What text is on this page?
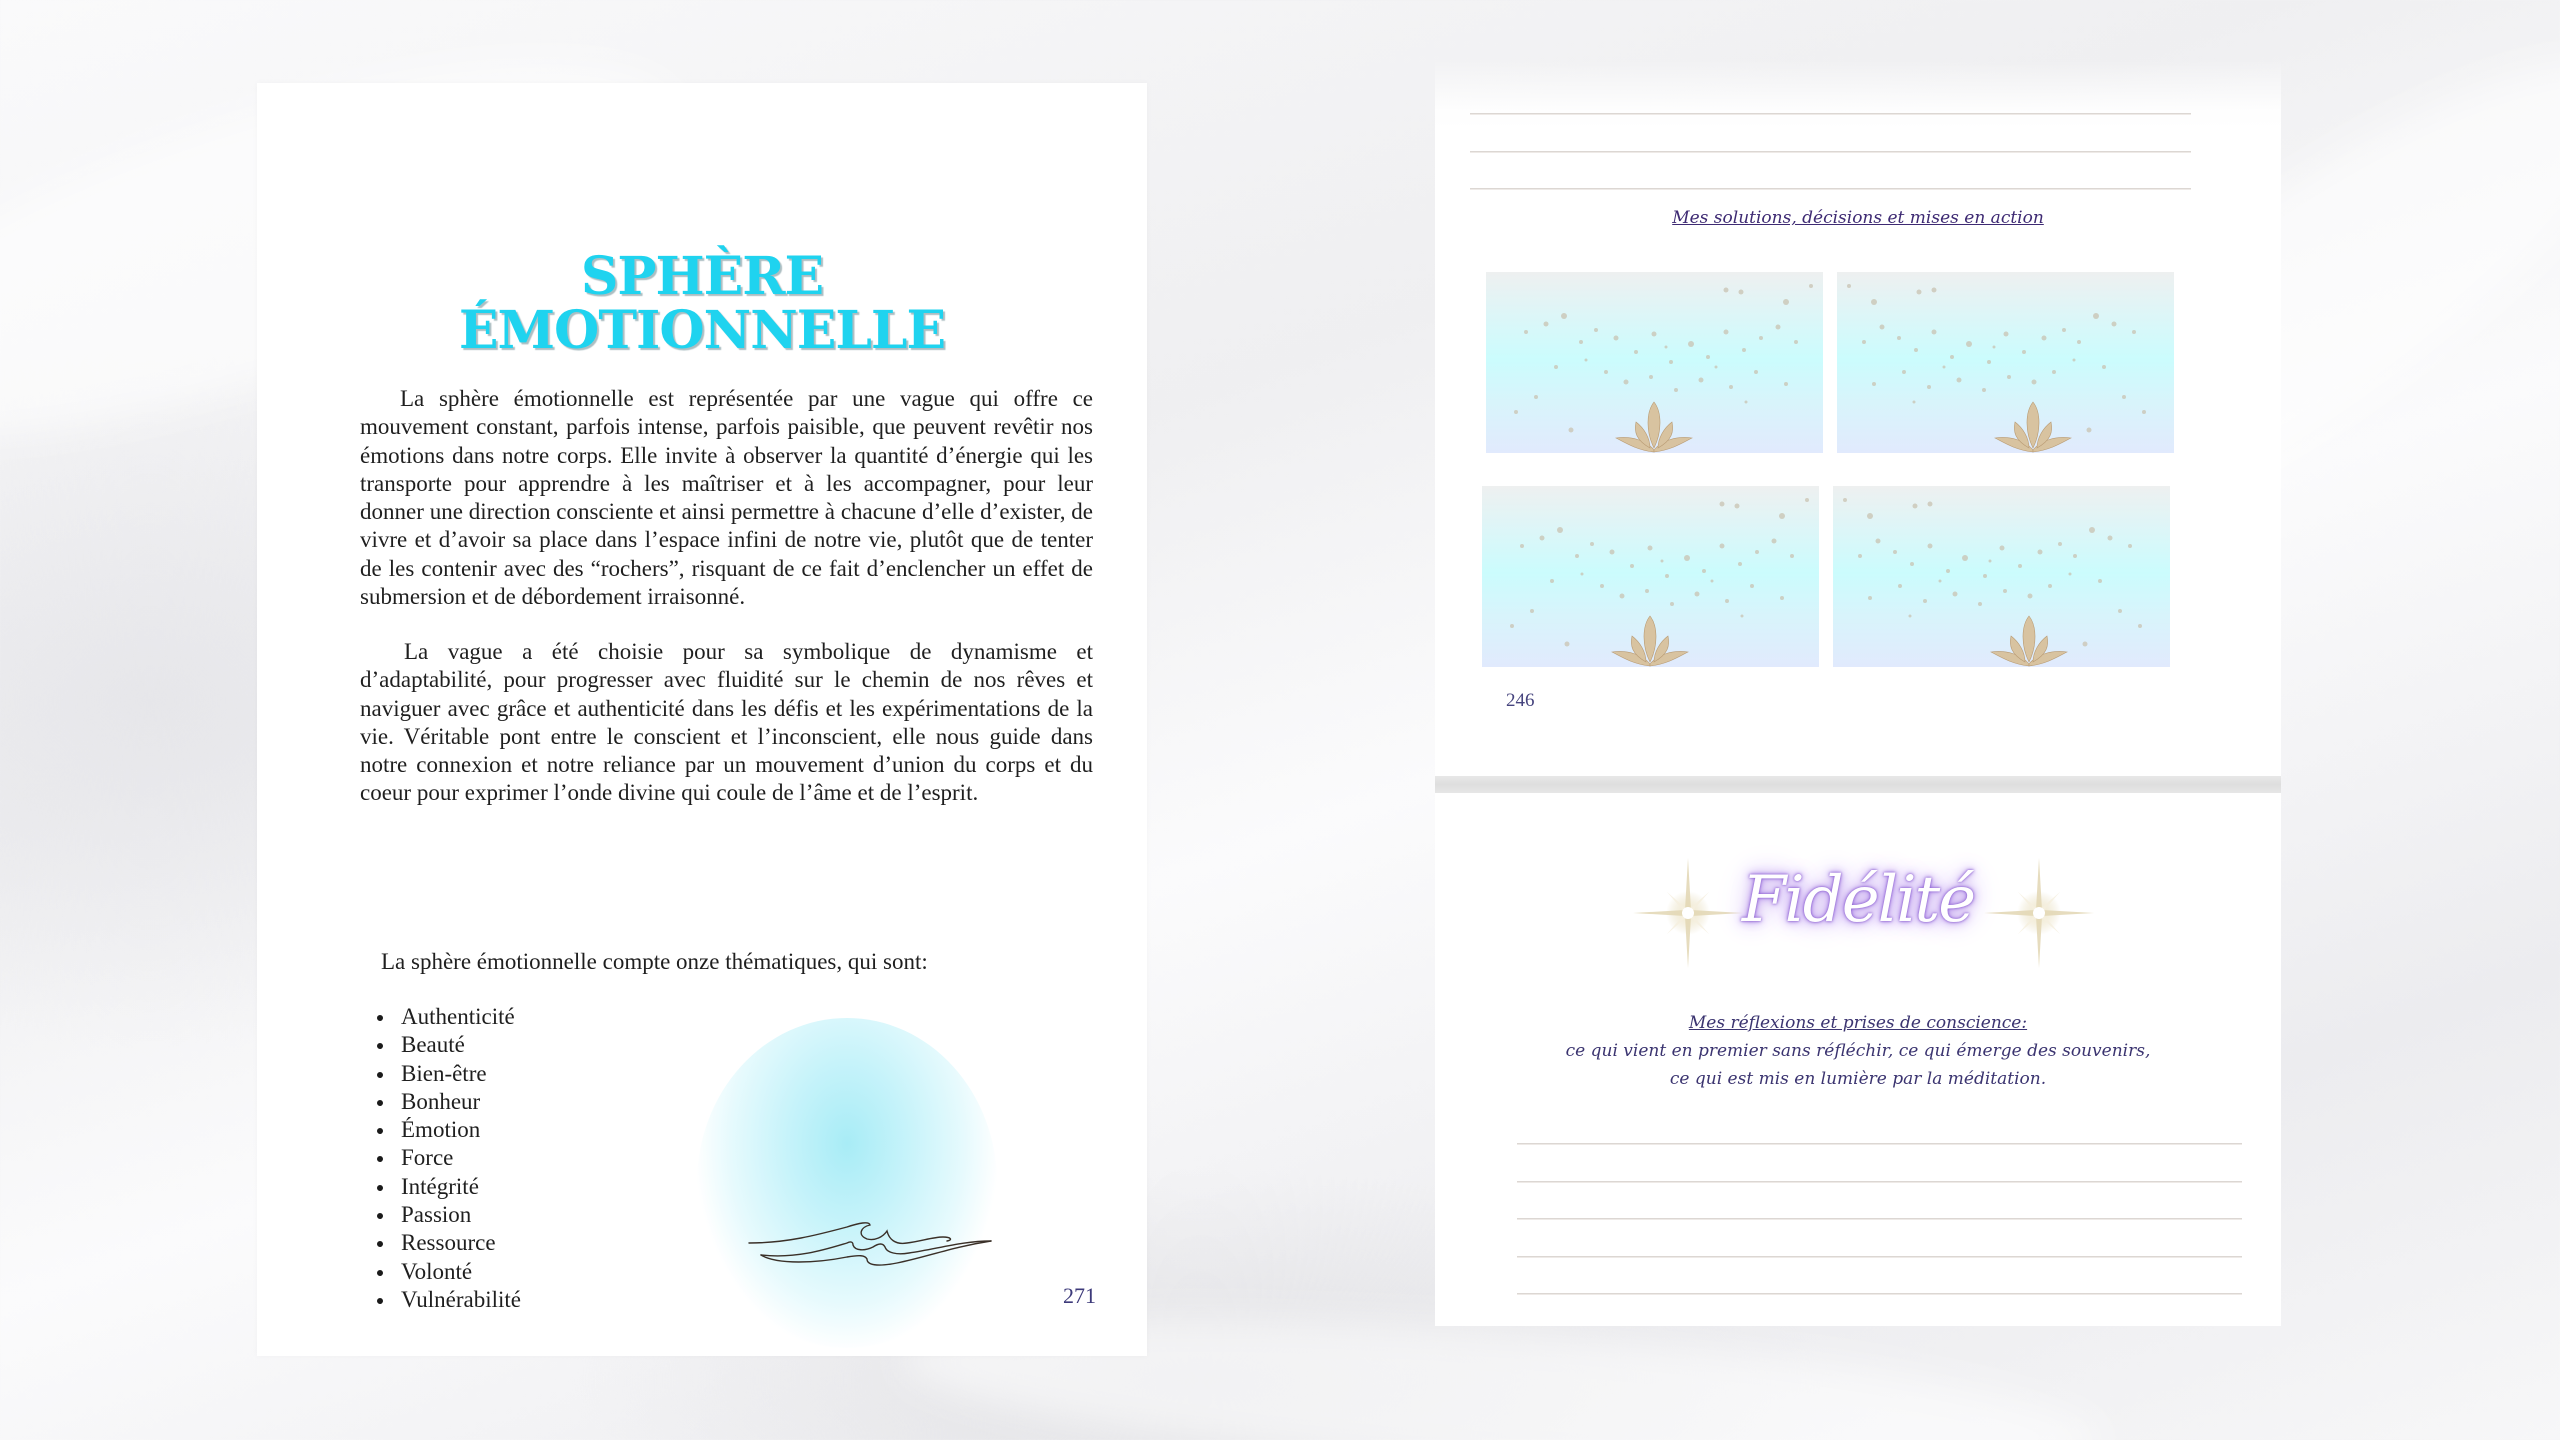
SPHÈRE
ÉMOTIONNELLE

La sphère émotionnelle est représentée par une vague qui offre ce mouvement constant, parfois intense, parfois paisible, que peuvent revêtir nos émotions dans notre corps. Elle invite à observer la quantité d’énergie qui les transporte pour apprendre à les maîtriser et à les accompagner, pour leur donner une direction consciente et ainsi permettre à chacune d’elle d’exister, de vivre et d’avoir sa place dans l’espace infini de notre vie, plutôt que de tenter de les contenir avec des “rochers”, risquant de ce fait d’enclencher un effet de submersion et de débordement irraisonné.

La vague a été choisie pour sa symbolique de dynamisme et d’adaptabilité, pour progresser avec fluidité sur le chemin de nos rêves et naviguer avec grâce et authenticité dans les défis et les expérimentations de la vie. Véritable pont entre le conscient et l’inconscient, elle nous guide dans notre connexion et notre reliance par un mouvement d’union du corps et du coeur pour exprimer l’onde divine qui coule de l’âme et de l’esprit.

La sphère émotionnelle compte onze thématiques, qui sont:

Authenticité
Beauté
Bien-être
Bonheur
Émotion
Force
Intégrité
Passion
Ressource
Volonté
Vulnérabilité	271
Mes solutions, décisions et mises en action
246
Fidélité
Mes réflexions et prises de conscience:
ce qui vient en premier sans réfléchir, ce qui émerge des souvenirs,
ce qui est mis en lumière par la méditation.
